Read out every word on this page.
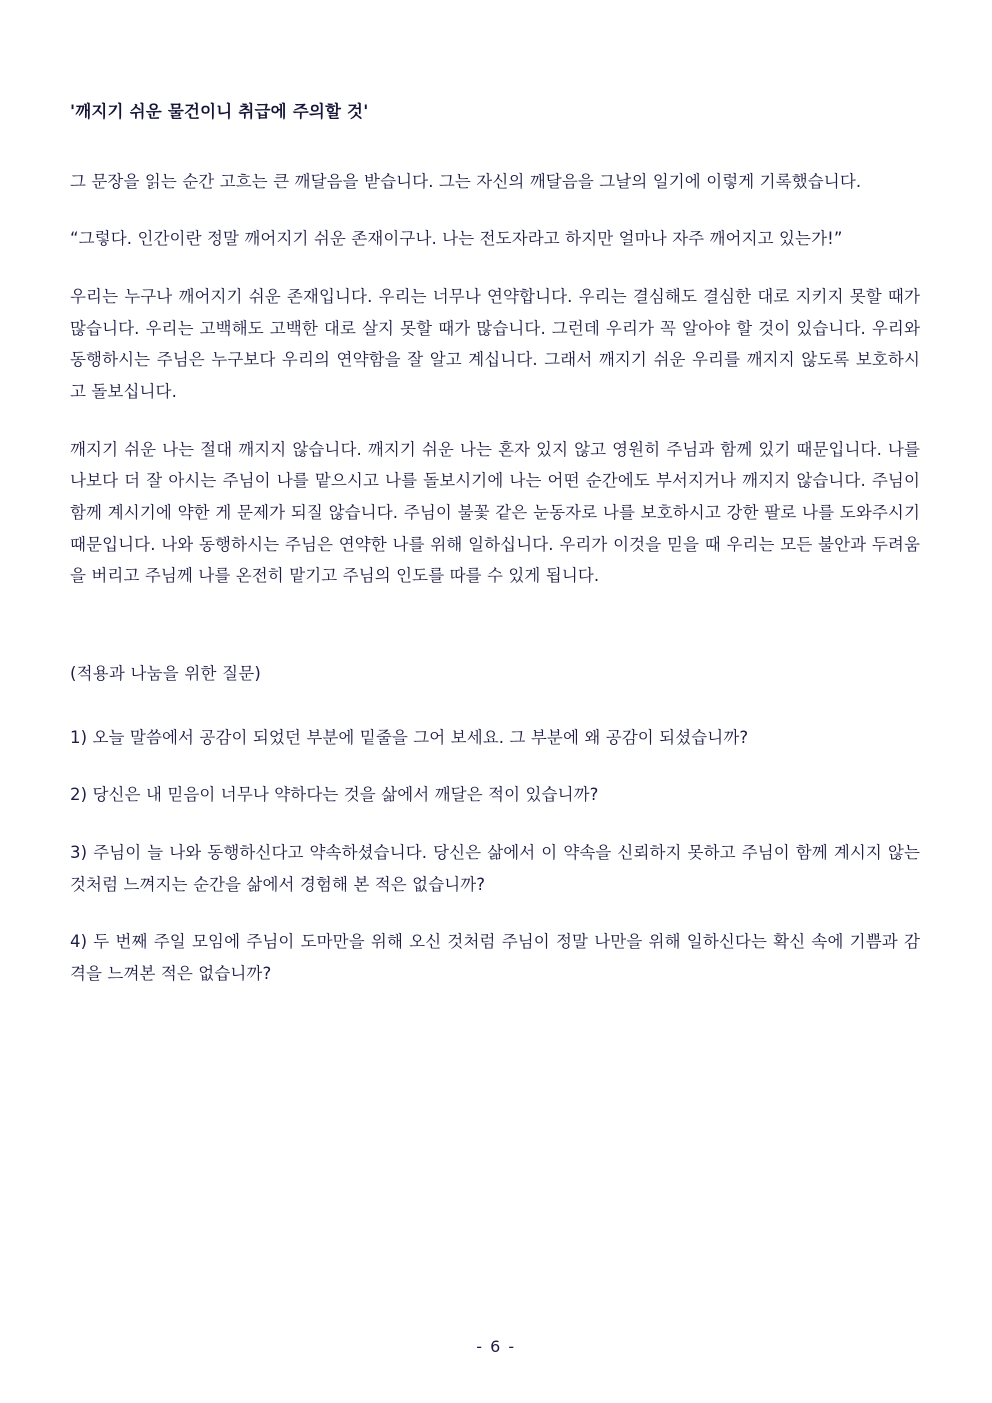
'깨지기 쉬운 물건이니 취급에 주의할 것'

그 문장을 읽는 순간 고흐는 큰 깨달음을 받습니다. 그는 자신의 깨달음을 그날의 일기에 이렇게 기록했습니다.

“그렇다. 인간이란 정말 깨어지기 쉬운 존재이구나. 나는 전도자라고 하지만 얼마나 자주 깨어지고 있는가!”

우리는 누구나 깨어지기 쉬운 존재입니다. 우리는 너무나 연약합니다. 우리는 결심해도 결심한 대로 지키지 못할 때가 많습니다. 우리는 고백해도 고백한 대로 살지 못할 때가 많습니다. 그런데 우리가 꼭 알아야 할 것이 있습니다. 우리와 동행하시는 주님은 누구보다 우리의 연약함을 잘 알고 계십니다. 그래서 깨지기 쉬운 우리를 깨지지 않도록 보호하시고 돌보십니다.

깨지기 쉬운 나는 절대 깨지지 않습니다. 깨지기 쉬운 나는 혼자 있지 않고 영원히 주님과 함께 있기 때문입니다. 나를 나보다 더 잘 아시는 주님이 나를 맡으시고 나를 돌보시기에 나는 어떤 순간에도 부서지거나 깨지지 않습니다. 주님이 함께 계시기에 약한 게 문제가 되질 않습니다. 주님이 불꽃 같은 눈동자로 나를 보호하시고 강한 팔로 나를 도와주시기 때문입니다. 나와 동행하시는 주님은 연약한 나를 위해 일하십니다. 우리가 이것을 믿을 때 우리는 모든 불안과 두려움을 버리고 주님께 나를 온전히 맡기고 주님의 인도를 따를 수 있게 됩니다.

(적용과 나눔을 위한 질문)

1) 오늘 말씀에서 공감이 되었던 부분에 밑줄을 그어 보세요. 그 부분에 왜 공감이 되셨습니까?

2) 당신은 내 믿음이 너무나 약하다는 것을 삶에서 깨달은 적이 있습니까?

3) 주님이 늘 나와 동행하신다고 약속하셨습니다. 당신은 삶에서 이 약속을 신뢰하지 못하고 주님이 함께 계시지 않는 것처럼 느껴지는 순간을 삶에서 경험해 본 적은 없습니까?

4) 두 번째 주일 모임에 주님이 도마만을 위해 오신 것처럼 주님이 정말 나만을 위해 일하신다는 확신 속에 기쁨과 감격을 느껴본 적은 없습니까?

- 6 -
